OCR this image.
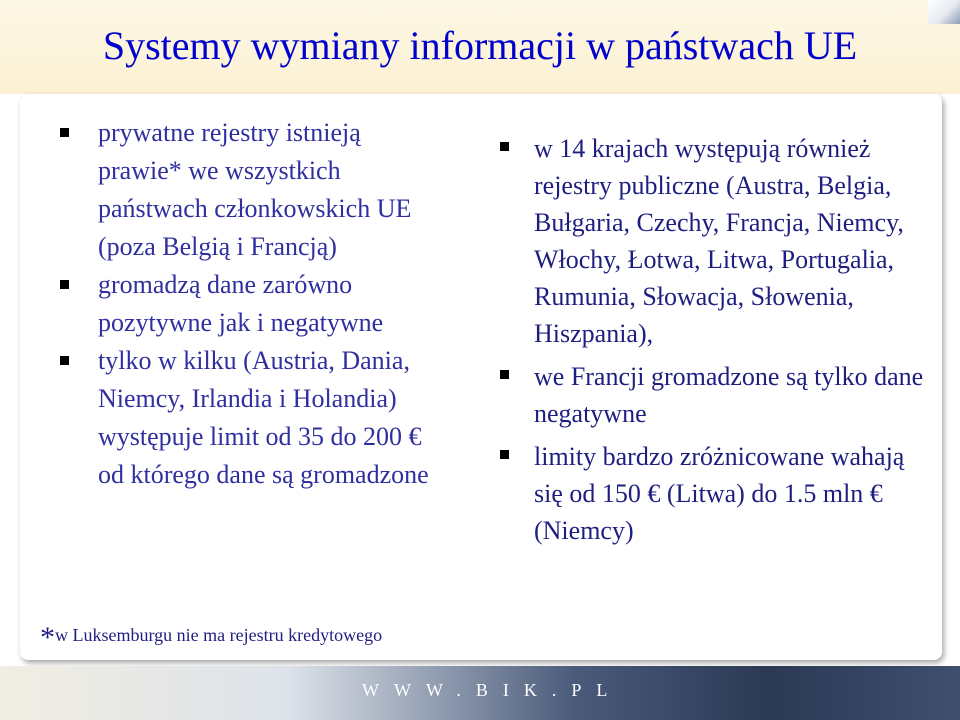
Systemy wymiany informacji w państwach UE
prywatne rejestry istnieją prawie* we wszystkich państwach członkowskich UE (poza Belgią i Francją)
gromadzą dane zarówno pozytywne jak i negatywne
tylko w kilku (Austria, Dania, Niemcy, Irlandia i Holandia) występuje limit od 35 do 200 € od którego dane są gromadzone
w 14 krajach występują również rejestry publiczne (Austra, Belgia, Bułgaria, Czechy, Francja, Niemcy, Włochy, Łotwa, Litwa, Portugalia, Rumunia, Słowacja, Słowenia, Hiszpania),
we Francji gromadzone są tylko dane negatywne
limity bardzo zróżnicowane wahają się od 150 € (Litwa) do 1.5 mln € (Niemcy)
*w Luksemburgu nie ma rejestru kredytowego
WWW.BIK.PL
